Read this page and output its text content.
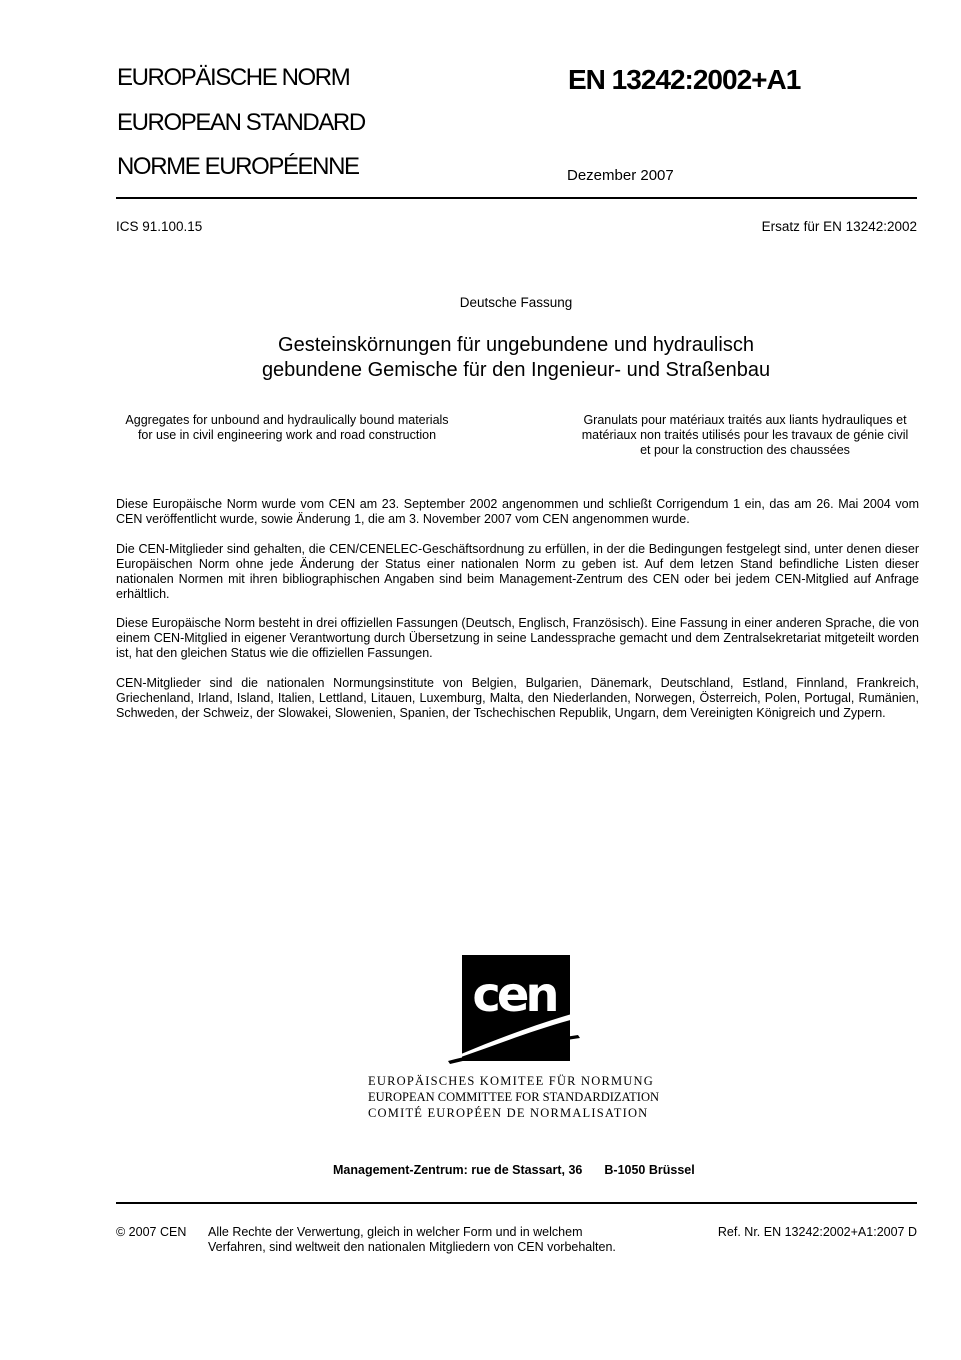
EUROPÄISCHE NORM
EUROPEAN STANDARD
NORME EUROPÉENNE
EN 13242:2002+A1
Dezember 2007
ICS 91.100.15	Ersatz für EN 13242:2002
Deutsche Fassung
Gesteinskörnungen für ungebundene und hydraulisch
gebundene Gemische für den Ingenieur- und Straßenbau
Aggregates for unbound and hydraulically bound materials
for use in civil engineering work and road construction
Granulats pour matériaux traités aux liants hydrauliques et
matériaux non traités utilisés pour les travaux de génie civil
et pour la construction des chaussées
Diese Europäische Norm wurde vom CEN am 23. September 2002 angenommen und schließt Corrigendum 1 ein, das am 26. Mai 2004 vom CEN veröffentlicht wurde, sowie Änderung 1, die am 3. November 2007 vom CEN angenommen wurde.
Die CEN-Mitglieder sind gehalten, die CEN/CENELEC-Geschäftsordnung zu erfüllen, in der die Bedingungen festgelegt sind, unter denen dieser Europäischen Norm ohne jede Änderung der Status einer nationalen Norm zu geben ist. Auf dem letzen Stand befindliche Listen dieser nationalen Normen mit ihren bibliographischen Angaben sind beim Management-Zentrum des CEN oder bei jedem CEN-Mitglied auf Anfrage erhältlich.
Diese Europäische Norm besteht in drei offiziellen Fassungen (Deutsch, Englisch, Französisch). Eine Fassung in einer anderen Sprache, die von einem CEN-Mitglied in eigener Verantwortung durch Übersetzung in seine Landessprache gemacht und dem Zentralsekretariat mitgeteilt worden ist, hat den gleichen Status wie die offiziellen Fassungen.
CEN-Mitglieder sind die nationalen Normungsinstitute von Belgien, Bulgarien, Dänemark, Deutschland, Estland, Finnland, Frankreich, Griechenland, Irland, Island, Italien, Lettland, Litauen, Luxemburg, Malta, den Niederlanden, Norwegen, Österreich, Polen, Portugal, Rumänien, Schweden, der Schweiz, der Slowakei, Slowenien, Spanien, der Tschechischen Republik, Ungarn, dem Vereinigten Königreich und Zypern.
cen
EUROPÄISCHES KOMITEE FÜR NORMUNG
EUROPEAN COMMITTEE FOR STANDARDIZATION
COMITÉ EUROPÉEN DE NORMALISATION
Management-Zentrum: rue de Stassart, 36 B-1050 Brüssel
© 2007 CEN Alle Rechte der Verwertung, gleich in welcher Form und in welchem
Verfahren, sind weltweit den nationalen Mitgliedern von CEN vorbehalten.
Ref. Nr. EN 13242:2002+A1:2007 D
